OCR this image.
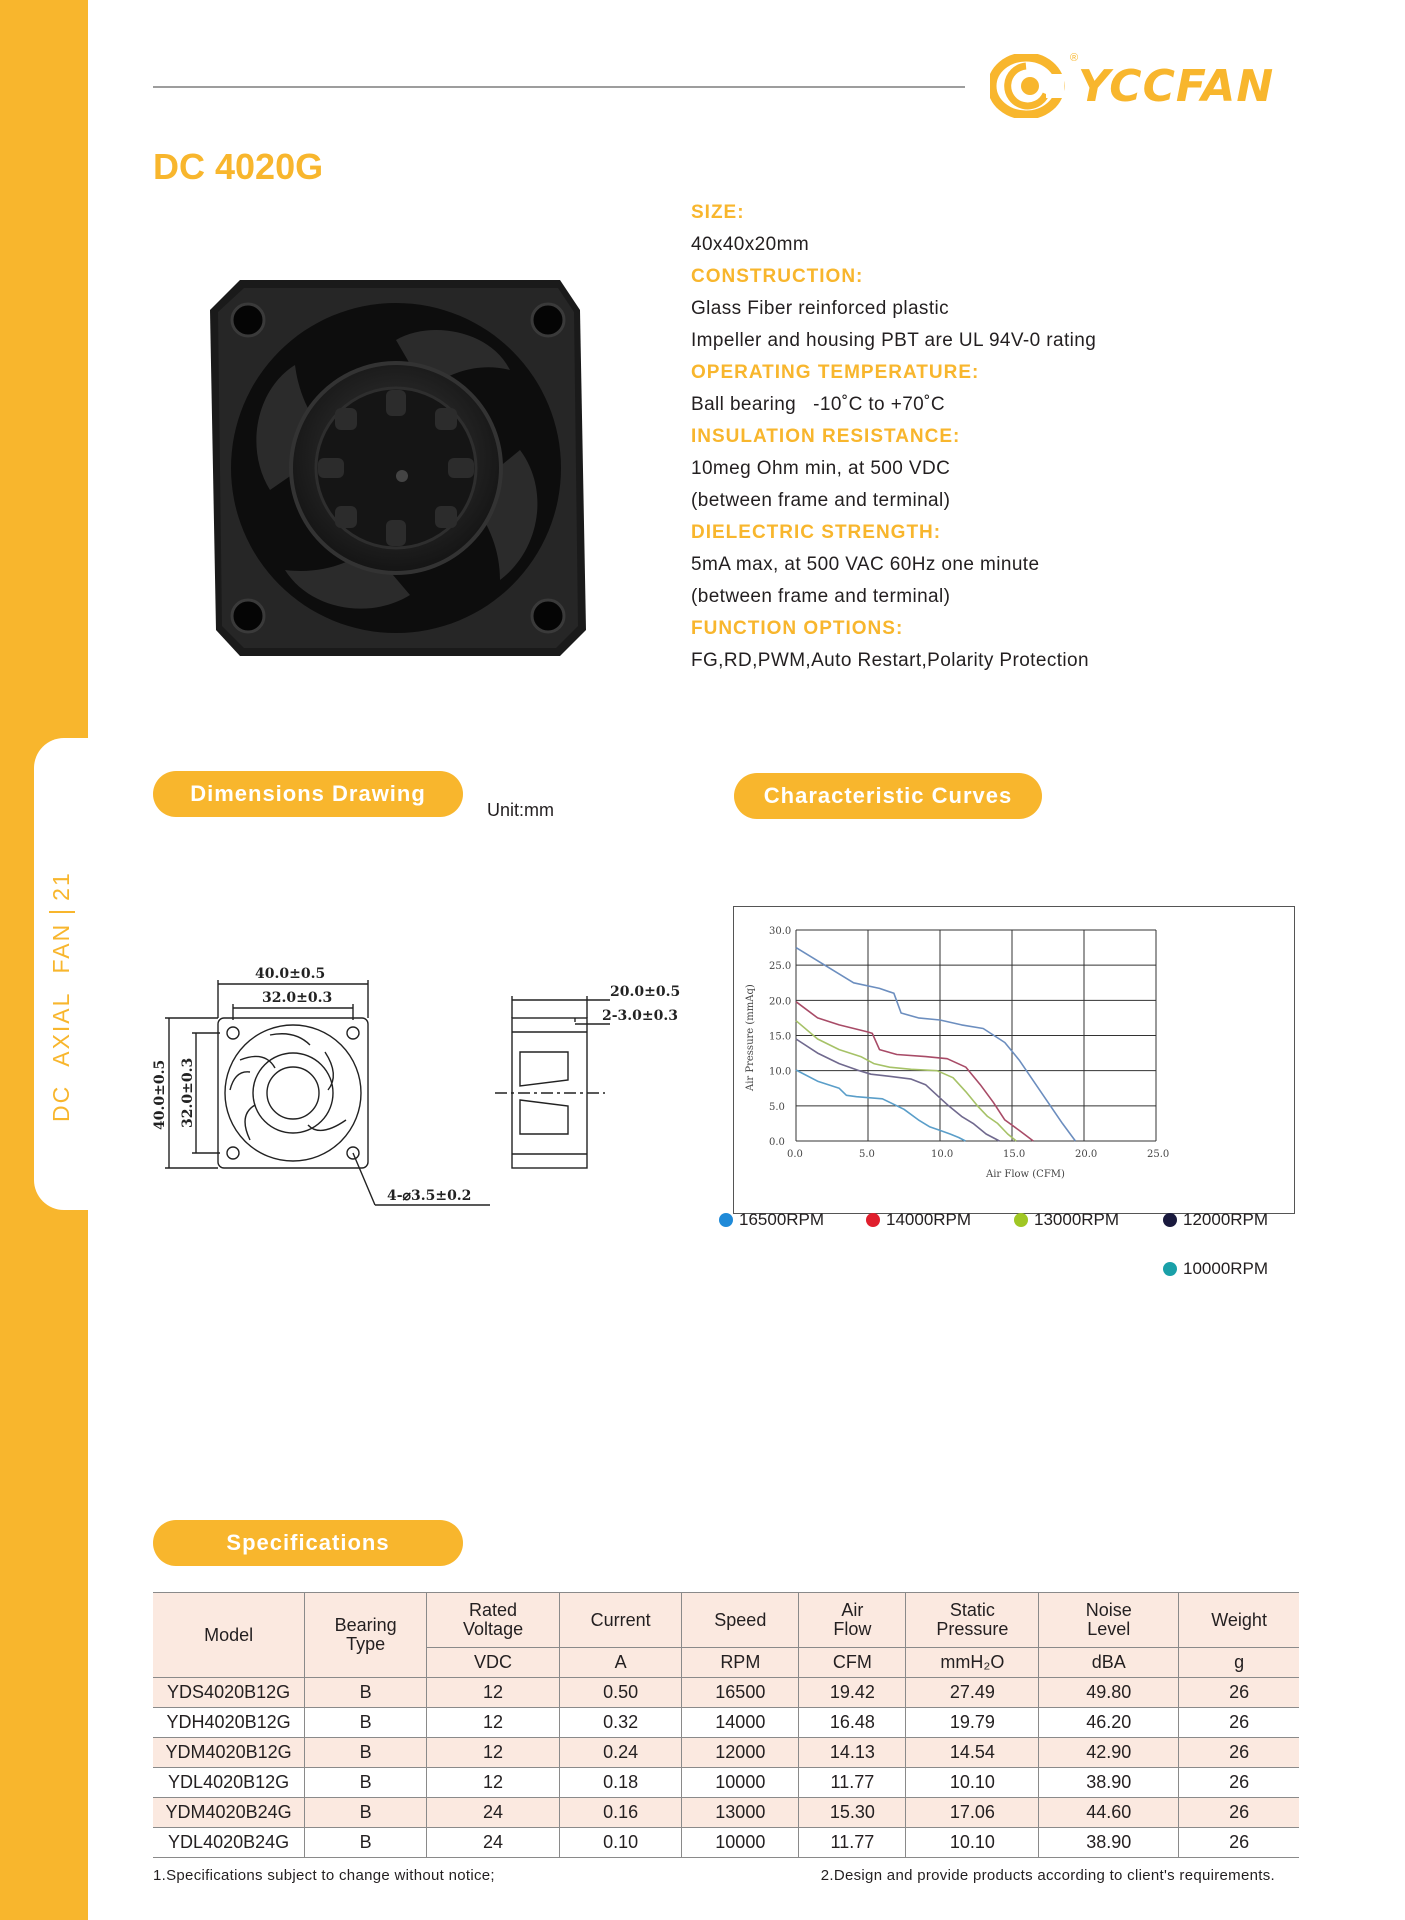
DC
AXIAL
FAN
21
®
YCCFAN
DC 4020G
SIZE:
40x40x20mm
CONSTRUCTION:
Glass Fiber reinforced plastic
Impeller and housing PBT are UL 94V-0 rating
OPERATING TEMPERATURE:
Ball bearing   -10˚C to +70˚C
INSULATION RESISTANCE:
10meg Ohm min, at 500 VDC
(between frame and terminal)
DIELECTRIC STRENGTH:
5mA max, at 500 VAC 60Hz one minute
(between frame and terminal)
FUNCTION OPTIONS:
FG,RD,PWM,Auto Restart,Polarity Protection
Dimensions Drawing
Unit:mm
Characteristic Curves
40.0±0.5
32.0±0.3
40.0±0.5 32.0±0.3
4-⌀3.5±0.2
20.0±0.5
2-3.0±0.3
0.0	5.0	10.0	15.0	20.0	25.0
0.0
5.0
10.0
15.0
20.0
25.0
30.0
Air Flow (CFM)
Air Pressure (mmAq)
16500RPM	14000RPM	13000RPM	12000RPM
10000RPM
Specifications
Model	Bearing Type	Rated Voltage	Current	Speed	Air Flow	Static Pressure	Noise Level	Weight
		VDC	A	RPM	CFM	mmH₂O	dBA	g
YDS4020B12G	B	12	0.50	16500	19.42	27.49	49.80	26
YDH4020B12G	B	12	0.32	14000	16.48	19.79	46.20	26
YDM4020B12G	B	12	0.24	12000	14.13	14.54	42.90	26
YDL4020B12G	B	12	0.18	10000	11.77	10.10	38.90	26
YDM4020B24G	B	24	0.16	13000	15.30	17.06	44.60	26
YDL4020B24G	B	24	0.10	10000	11.77	10.10	38.90	26
1.Specifications subject to change without notice;	2.Design and provide products according to client's requirements.
